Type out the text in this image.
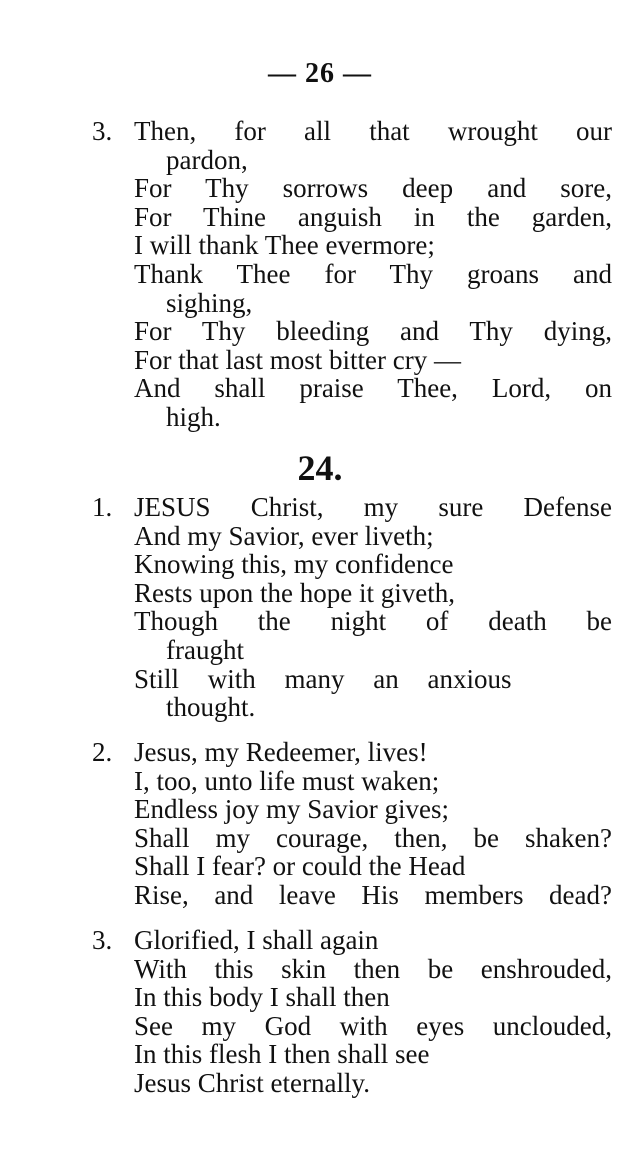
— 26 —
3. Then, for all that wrought our
pardon,
For Thy sorrows deep and sore,
For Thine anguish in the garden,
I will thank Thee evermore;
Thank Thee for Thy groans and
sighing,
For Thy bleeding and Thy dying,
For that last most bitter cry —
And shall praise Thee, Lord, on
high.
24.
1. JESUS Christ, my sure Defense
And my Savior, ever liveth;
Knowing this, my confidence
Rests upon the hope it giveth,
Though the night of death be
fraught
Still with many an anxious
thought.
2. Jesus, my Redeemer, lives!
I, too, unto life must waken;
Endless joy my Savior gives;
Shall my courage, then, be shaken?
Shall I fear? or could the Head
Rise, and leave His members dead?
3. Glorified, I shall again
With this skin then be enshrouded,
In this body I shall then
See my God with eyes unclouded,
In this flesh I then shall see
Jesus Christ eternally.
